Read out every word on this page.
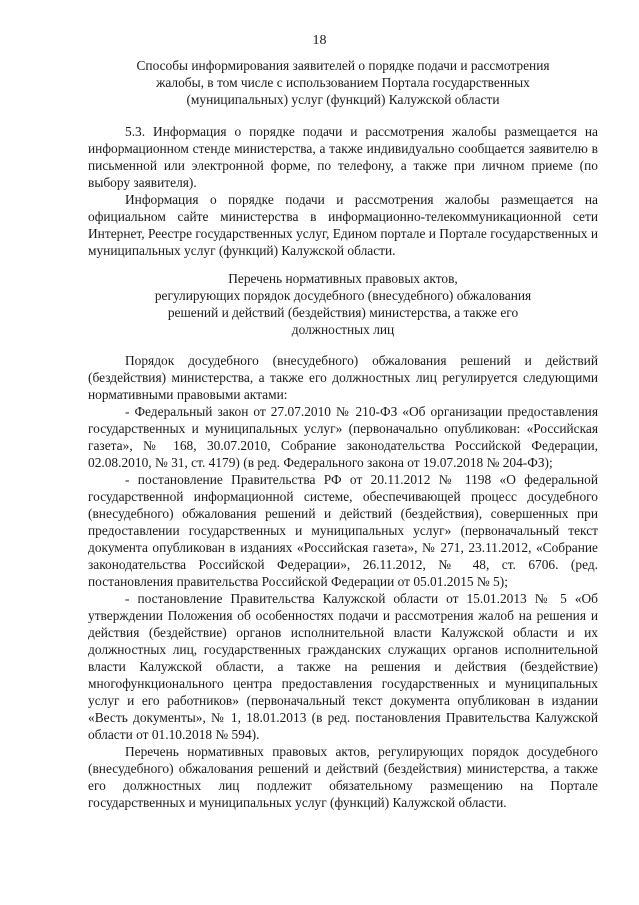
18
Способы информирования заявителей о порядке подачи и рассмотрения
жалобы, в том числе с использованием Портала государственных
(муниципальных) услуг (функций) Калужской области

5.3. Информация о порядке подачи и рассмотрения жалобы размещается на информационном стенде министерства, а также индивидуально сообщается заявителю в письменной или электронной форме, по телефону, а также при личном приеме (по выбору заявителя).

Информация о порядке подачи и рассмотрения жалобы размещается на официальном сайте министерства в информационно-телекоммуникационной сети Интернет, Реестре государственных услуг, Едином портале и Портале государственных и муниципальных услуг (функций) Калужской области.

Перечень нормативных правовых актов,
регулирующих порядок досудебного (внесудебного) обжалования
решений и действий (бездействия) министерства, а также его
должностных лиц

Порядок досудебного (внесудебного) обжалования решений и действий (бездействия) министерства, а также его должностных лиц регулируется следующими нормативными правовыми актами:

- Федеральный закон от 27.07.2010 № 210-ФЗ «Об организации предоставления государственных и муниципальных услуг» (первоначально опубликован: «Российская газета», № 168, 30.07.2010, Собрание законодательства Российской Федерации, 02.08.2010, № 31, ст. 4179) (в ред. Федерального закона от 19.07.2018 № 204-ФЗ);

- постановление Правительства РФ от 20.11.2012 № 1198 «О федеральной государственной информационной системе, обеспечивающей процесс досудебного (внесудебного) обжалования решений и действий (бездействия), совершенных при предоставлении государственных и муниципальных услуг» (первоначальный текст документа опубликован в изданиях «Российская газета», № 271, 23.11.2012, «Собрание законодательства Российской Федерации», 26.11.2012, № 48, ст. 6706. (ред. постановления правительства Российской Федерации от 05.01.2015 № 5);

- постановление Правительства Калужской области от 15.01.2013 № 5 «Об утверждении Положения об особенностях подачи и рассмотрения жалоб на решения и действия (бездействие) органов исполнительной власти Калужской области и их должностных лиц, государственных гражданских служащих органов исполнительной власти Калужской области, а также на решения и действия (бездействие) многофункционального центра предоставления государственных и муниципальных услуг и его работников» (первоначальный текст документа опубликован в издании «Весть документы», № 1, 18.01.2013 (в ред. постановления Правительства Калужской области от 01.10.2018 № 594).

Перечень нормативных правовых актов, регулирующих порядок досудебного (внесудебного) обжалования решений и действий (бездействия) министерства, а также его должностных лиц подлежит обязательному размещению на Портале государственных и муниципальных услуг (функций) Калужской области.
